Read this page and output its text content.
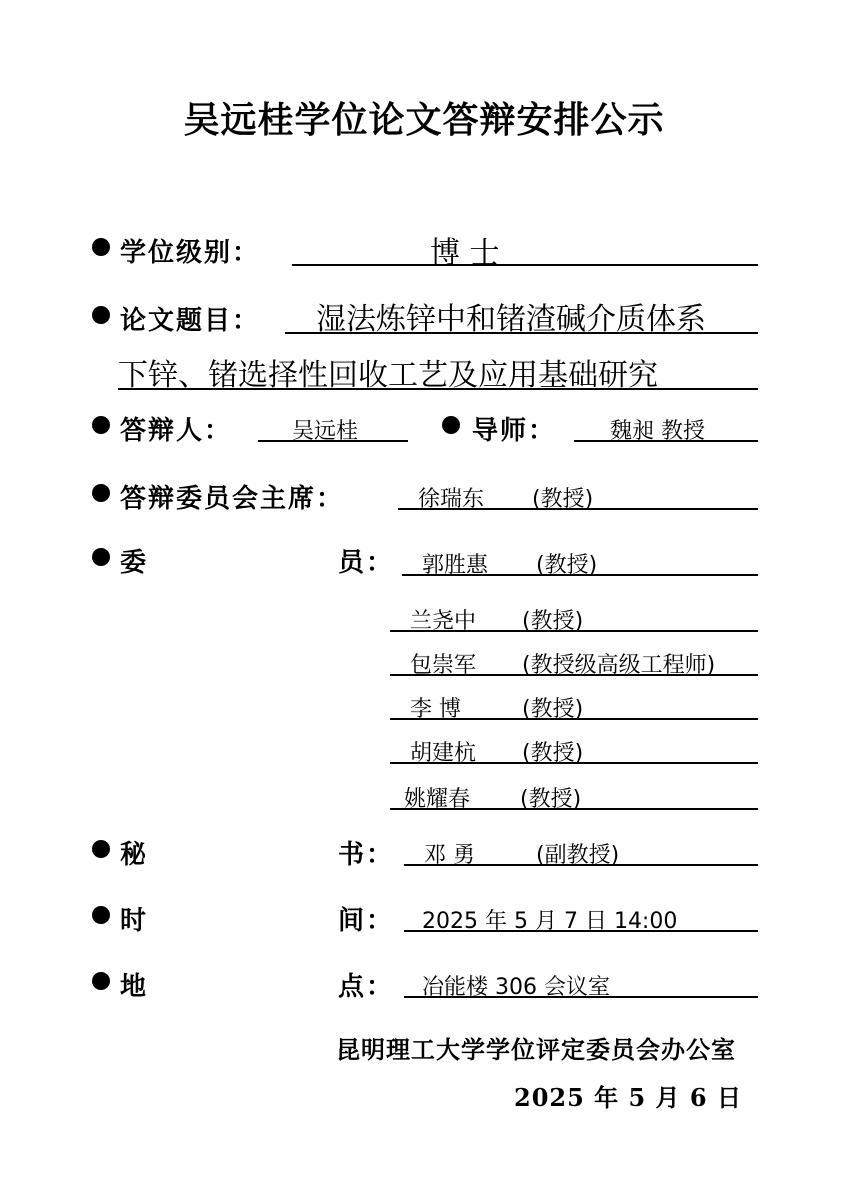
吴远桂学位论文答辩安排公示
学位级别：	博 士
论文题目： 湿法炼锌中和锗渣碱介质体系
下锌、锗选择性回收工艺及应用基础研究
答辩人：	吴远桂	导师： 魏昶 教授
答辩委员会主席：	徐瑞东 (教授)
委	员： 郭胜惠 (教授)
兰尧中 (教授)
包崇军 (教授级高级工程师)
李 博	(教授)
胡建杭 (教授)
姚耀春 (教授)
秘	书： 邓 勇	(副教授)
时	间： 2025 年 5 月 7 日 14:00
地	点： 冶能楼 306 会议室
昆明理工大学学位评定委员会办公室
2025 年 5 月 6 日
